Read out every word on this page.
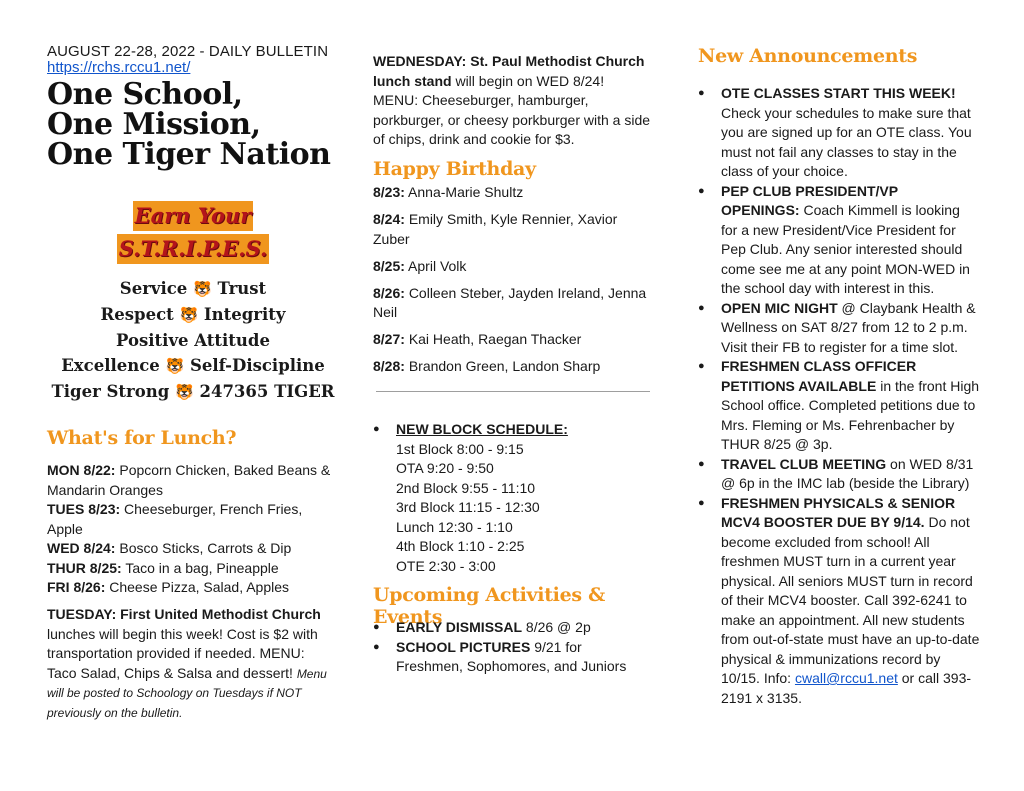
AUGUST 22-28, 2022 - DAILY BULLETIN
https://rchs.rccu1.net/
One School,
One Mission,
One Tiger Nation
Earn Your
S.T.R.I.P.E.S.
Service 🐯 Trust
Respect 🐯 Integrity
Positive Attitude
Excellence 🐯 Self-Discipline
Tiger Strong 🐯 247365 TIGER
What's for Lunch?
MON 8/22: Popcorn Chicken, Baked Beans & Mandarin Oranges
TUES 8/23: Cheeseburger, French Fries, Apple
WED 8/24: Bosco Sticks, Carrots & Dip
THUR 8/25: Taco in a bag, Pineapple
FRI 8/26: Cheese Pizza, Salad, Apples
TUESDAY: First United Methodist Church
lunches will begin this week! Cost is $2 with transportation provided if needed. MENU: Taco Salad, Chips & Salsa and dessert! Menu will be posted to Schoology on Tuesdays if NOT previously on the bulletin.
WEDNESDAY: St. Paul Methodist Church lunch stand will begin on WED 8/24! MENU: Cheeseburger, hamburger, porkburger, or cheesy porkburger with a side of chips, drink and cookie for $3.
Happy Birthday

8/23: Anna-Marie Shultz

8/24: Emily Smith, Kyle Rennier, Xavior Zuber

8/25: April Volk

8/26: Colleen Steber, Jayden Ireland, Jenna Neil

8/27: Kai Heath, Raegan Thacker

8/28: Brandon Green, Landon Sharp

● NEW BLOCK SCHEDULE:
1st Block 8:00 - 9:15
OTA 9:20 - 9:50
2nd Block 9:55 - 11:10
3rd Block 11:15 - 12:30
Lunch 12:30 - 1:10
4th Block 1:10 - 2:25
OTE 2:30 - 3:00
Upcoming Activities & Events
● EARLY DISMISSAL 8/26 @ 2p
● SCHOOL PICTURES 9/21 for Freshmen, Sophomores, and Juniors
New Announcements
● OTE CLASSES START THIS WEEK! Check your schedules to make sure that you are signed up for an OTE class. You must not fail any classes to stay in the class of your choice.
● PEP CLUB PRESIDENT/VP OPENINGS: Coach Kimmell is looking for a new President/Vice President for Pep Club. Any senior interested should come see me at any point MON-WED in the school day with interest in this.
● OPEN MIC NIGHT @ Claybank Health & Wellness on SAT 8/27 from 12 to 2 p.m. Visit their FB to register for a time slot.
● FRESHMEN CLASS OFFICER PETITIONS AVAILABLE in the front High School office. Completed petitions due to Mrs. Fleming or Ms. Fehrenbacher by THUR 8/25 @ 3p.
● TRAVEL CLUB MEETING on WED 8/31 @ 6p in the IMC lab (beside the Library)
● FRESHMEN PHYSICALS & SENIOR MCV4 BOOSTER DUE BY 9/14. Do not become excluded from school! All freshmen MUST turn in a current year physical. All seniors MUST turn in record of their MCV4 booster. Call 392-6241 to make an appointment. All new students from out-of-state must have an up-to-date physical & immunizations record by 10/15. Info: cwall@rccu1.net or call 393-2191 x 3135.
